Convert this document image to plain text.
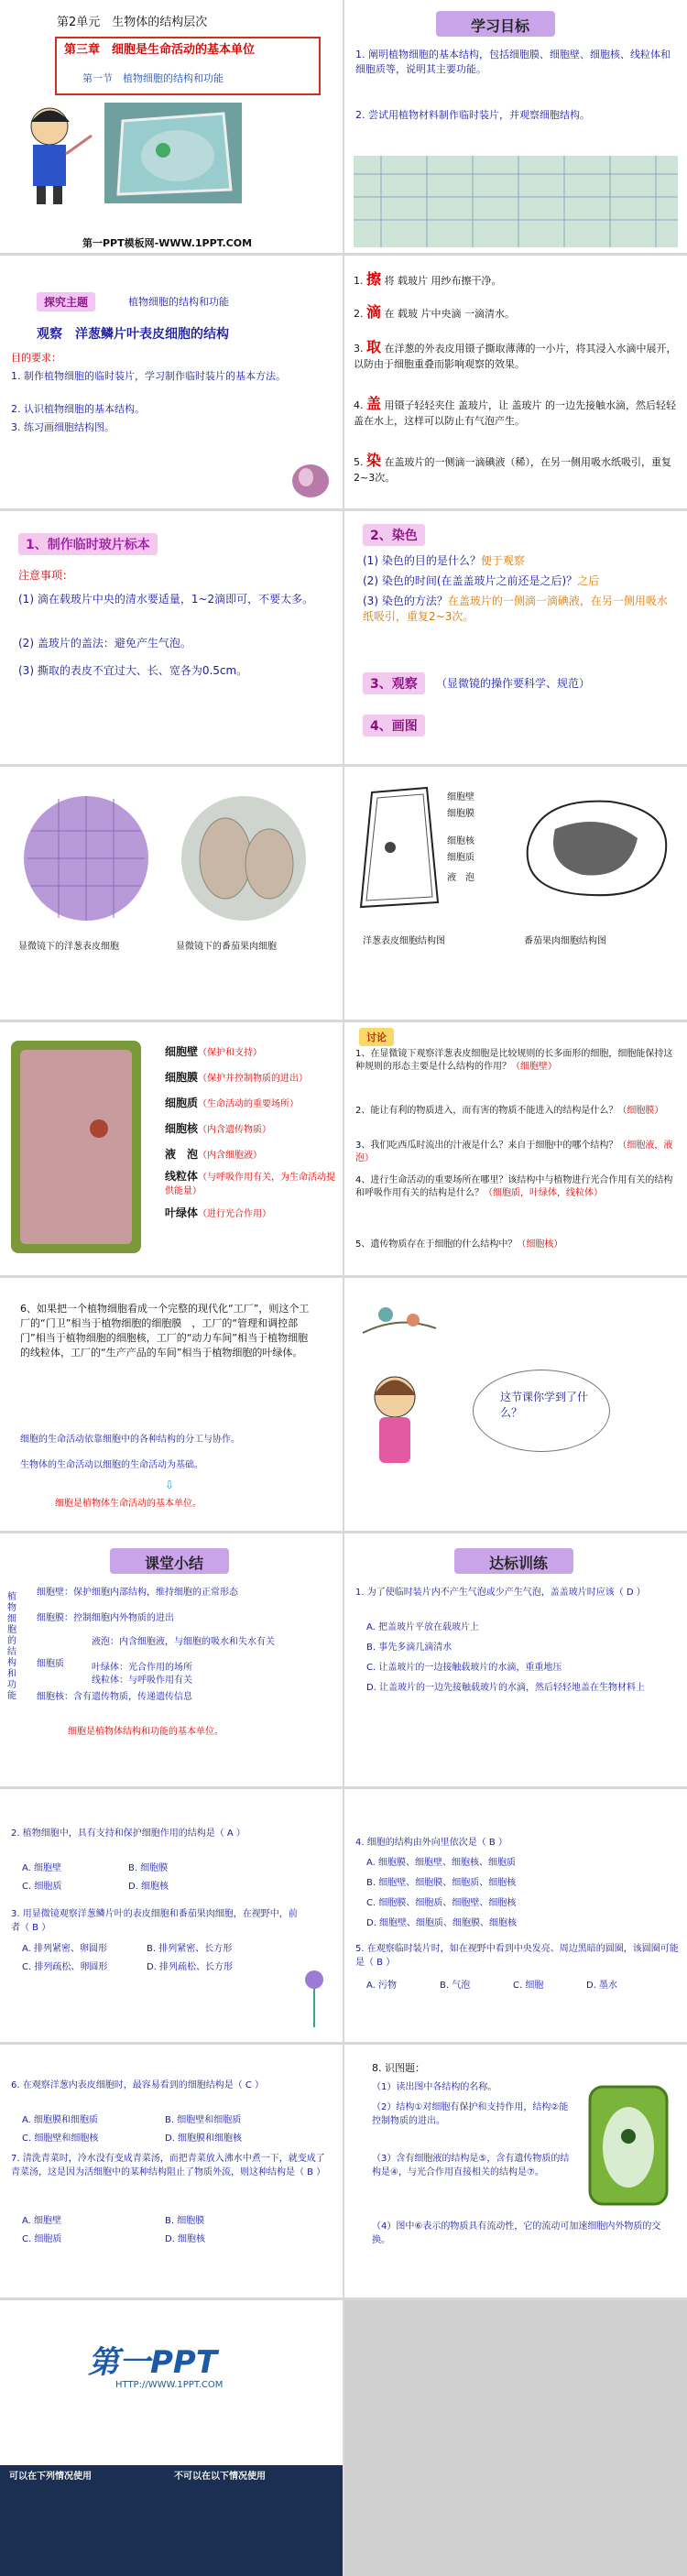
第2单元　生物体的结构层次
第三章　细胞是生命活动的基本单位
第一节　植物细胞的结构和功能
第一PPT模板网-WWW.1PPT.COM
学习目标
1. 阐明植物细胞的基本结构，包括细胞膜、细胞壁、细胞核、线粒体和细胞质等，说明其主要功能。
2. 尝试用植物材料制作临时装片，并观察细胞结构。
探究主题	植物细胞的结构和功能
观察　洋葱鳞片叶表皮细胞的结构
目的要求：
1. 制作植物细胞的临时装片，学习制作临时装片的基本方法。
2. 认识植物细胞的基本结构。
3. 练习画细胞结构图。
1. 擦 将 载玻片 用纱布擦干净。
2. 滴 在 载玻 片中央滴 一滴清水。
3. 取 在洋葱的外表皮用镊子撕取薄薄的一小片，将其浸入水滴中展开，以防由于细胞重叠而影响观察的效果。
4. 盖 用镊子轻轻夹住 盖玻片，让 盖玻片 的一边先接触水滴，然后轻轻盖在水上，这样可以防止有气泡产生。
5. 染 在盖玻片的一侧滴一滴碘液（稀），在另一侧用吸水纸吸引，重复2~3次。
1、制作临时玻片标本
注意事项：
(1) 滴在载玻片中央的清水要适量，1~2滴即可，不要太多。
(2) 盖玻片的盖法：避免产生气泡。
(3) 撕取的表皮不宜过大、长、宽各为0.5cm。
2、染色
(1) 染色的目的是什么？便于观察
(2) 染色的时间(在盖盖玻片之前还是之后)？之后
(3) 染色的方法？在盖玻片的一侧滴一滴碘液，在另一侧用吸水纸吸引，重复2~3次。
3、观察	（显微镜的操作要科学、规范）
4、画图
显微镜下的洋葱表皮细胞	显微镜下的番茄果肉细胞
细胞壁
细胞膜
细胞核
细胞质
液　泡
洋葱表皮细胞结构图	番茄果肉细胞结构图
细胞壁（保护和支持）
细胞膜（保护并控制物质的进出）
细胞质（生命活动的重要场所）
细胞核（内含遗传物质）
液　泡（内含细胞液）
线粒体（与呼吸作用有关，为生命活动提供能量）
叶绿体（进行光合作用）
讨论
1、在显微镜下观察洋葱表皮细胞是比较规则的长多面形的细胞，细胞能保持这种规则的形态主要是什么结构的作用？（细胞壁）
2、能让有利的物质进入，而有害的物质不能进入的结构是什么？（细胞膜）
3、我们吃西瓜时流出的汁液是什么？来自于细胞中的哪个结构？（细胞液，液泡）
4、进行生命活动的重要场所在哪里？该结构中与植物进行光合作用有关的结构和呼吸作用有关的结构是什么？（细胞质，叶绿体，线粒体）
5、遗传物质存在于细胞的什么结构中？（细胞核）
6、如果把一个植物细胞看成一个完整的现代化“工厂”，则这个工厂的“门卫”相当于植物细胞的细胞膜　，工厂的“管理和调控部门”相当于植物细胞的细胞核，工厂的“动力车间”相当于植物细胞的线粒体，工厂的“生产产品的车间”相当于植物细胞的叶绿体。
细胞的生命活动依靠细胞中的各种结构的分工与协作。
生物体的生命活动以细胞的生命活动为基础。
⇩
细胞是植物体生命活动的基本单位。
这节课你学到了什么？
课堂小结
植物细胞的结构和功能
细胞壁：保护细胞内部结构，维持细胞的正常形态
细胞膜：控制细胞内外物质的进出
细胞质
液泡：内含细胞液，与细胞的吸水和失水有关
叶绿体：光合作用的场所
线粒体：与呼吸作用有关
细胞核：含有遗传物质，传递遗传信息
细胞是植物体结构和功能的基本单位。
达标训练
1. 为了使临时装片内不产生气泡或少产生气泡，盖盖玻片时应该（ D ）
A. 把盖玻片平放在载玻片上
B. 事先多滴几滴清水
C. 让盖玻片的一边接触载玻片的水滴，重重地压
D. 让盖玻片的一边先接触载玻片的水滴，然后轻轻地盖在生物材料上
2. 植物细胞中，具有支持和保护细胞作用的结构是（ A ）
A. 细胞壁	B. 细胞膜
C. 细胞质	D. 细胞核
3. 用显微镜观察洋葱鳞片叶的表皮细胞和番茄果肉细胞，在视野中，前者（ B ）
A. 排列紧密、卵圆形	B. 排列紧密、长方形
C. 排列疏松、卵圆形	D. 排列疏松、长方形
4. 细胞的结构由外向里依次是（ B ）
A. 细胞膜、细胞壁、细胞核、细胞质
B. 细胞壁、细胞膜、细胞质、细胞核
C. 细胞膜、细胞质、细胞壁、细胞核
D. 细胞壁、细胞质、细胞膜、细胞核
5. 在观察临时装片时，如在视野中看到中央发亮、周边黑暗的圆圈，该圆圈可能是（ B ）
A. 污物	B. 气泡	C. 细胞	D. 墨水
6. 在观察洋葱内表皮细胞时，最容易看到的细胞结构是（ C ）
A. 细胞膜和细胞质	B. 细胞壁和细胞质
C. 细胞壁和细胞核	D. 细胞膜和细胞核
7. 清洗青菜时，冷水没有变成青菜汤，而把青菜放入沸水中煮一下，就变成了青菜汤，这是因为活细胞中的某种结构阻止了物质外流，则这种结构是（ B ）
A. 细胞壁	B. 细胞膜
C. 细胞质	D. 细胞核
8. 识图题：
（1）读出图中各结构的名称。
（2）结构①对细胞有保护和支持作用，结构②能控制物质的进出。
（3）含有细胞液的结构是⑤，含有遗传物质的结构是④，与光合作用直接相关的结构是⑦。
（4）图中⑥表示的物质具有流动性，它的流动可加速细胞内外物质的交换。
第一PPT
HTTP://WWW.1PPT.COM
可以在下列情况使用	不可以在以下情况使用
